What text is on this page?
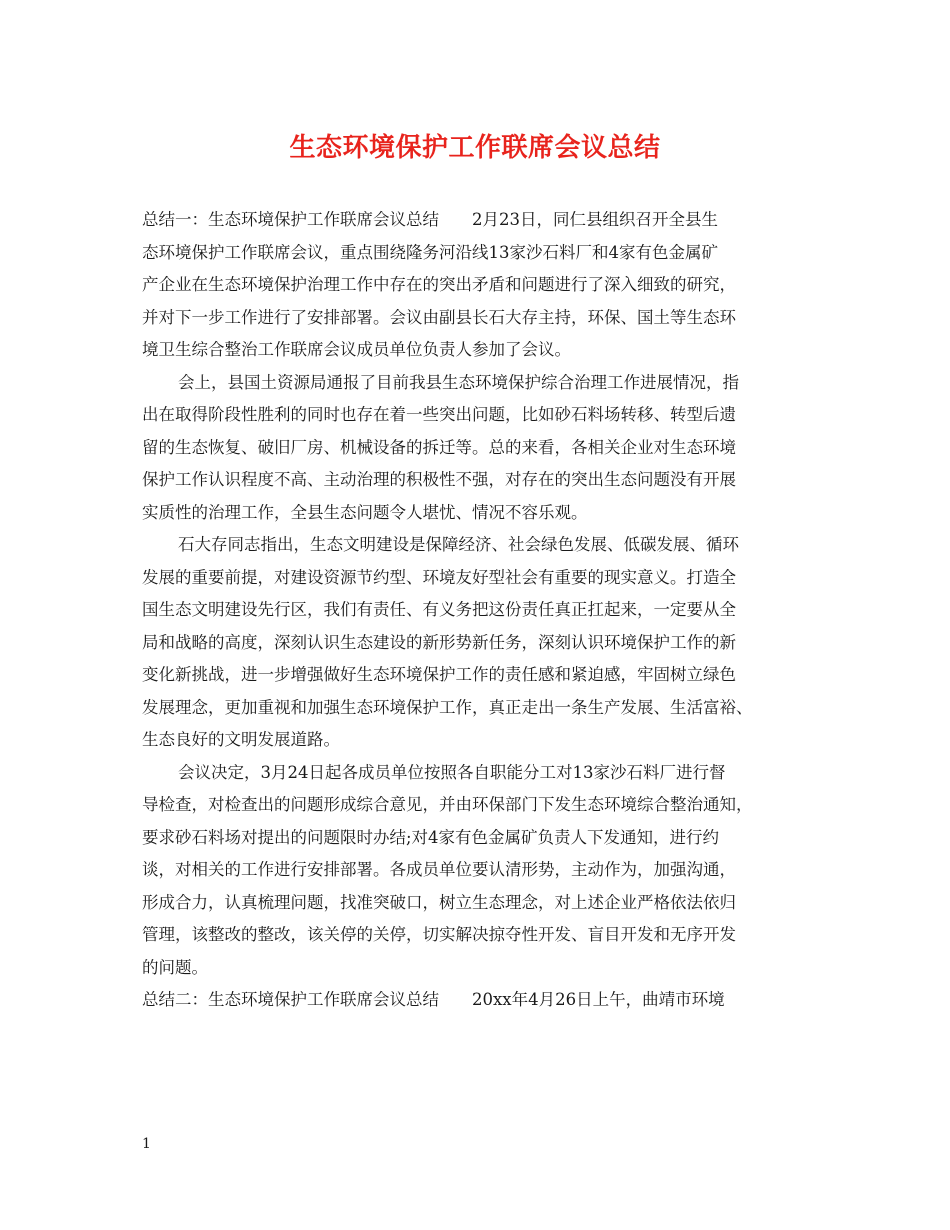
生态环境保护工作联席会议总结
总结一：生态环境保护工作联席会议总结　　2月23日，同仁县组织召开全县生
态环境保护工作联席会议，重点围绕隆务河沿线13家沙石料厂和4家有色金属矿
产企业在生态环境保护治理工作中存在的突出矛盾和问题进行了深入细致的研究，
并对下一步工作进行了安排部署。会议由副县长石大存主持，环保、国土等生态环
境卫生综合整治工作联席会议成员单位负责人参加了会议。
会上，县国土资源局通报了目前我县生态环境保护综合治理工作进展情况，指
出在取得阶段性胜利的同时也存在着一些突出问题，比如砂石料场转移、转型后遗
留的生态恢复、破旧厂房、机械设备的拆迁等。总的来看，各相关企业对生态环境
保护工作认识程度不高、主动治理的积极性不强，对存在的突出生态问题没有开展
实质性的治理工作，全县生态问题令人堪忧、情况不容乐观。
石大存同志指出，生态文明建设是保障经济、社会绿色发展、低碳发展、循环
发展的重要前提，对建设资源节约型、环境友好型社会有重要的现实意义。打造全
国生态文明建设先行区，我们有责任、有义务把这份责任真正扛起来，一定要从全
局和战略的高度，深刻认识生态建设的新形势新任务，深刻认识环境保护工作的新
变化新挑战，进一步增强做好生态环境保护工作的责任感和紧迫感，牢固树立绿色
发展理念，更加重视和加强生态环境保护工作，真正走出一条生产发展、生活富裕、
生态良好的文明发展道路。
会议决定，3月24日起各成员单位按照各自职能分工对13家沙石料厂进行督
导检查，对检查出的问题形成综合意见，并由环保部门下发生态环境综合整治通知，
要求砂石料场对提出的问题限时办结;对4家有色金属矿负责人下发通知，进行约
谈，对相关的工作进行安排部署。各成员单位要认清形势，主动作为，加强沟通，
形成合力，认真梳理问题，找准突破口，树立生态理念，对上述企业严格依法依归
管理，该整改的整改，该关停的关停，切实解决掠夺性开发、盲目开发和无序开发
的问题。
总结二：生态环境保护工作联席会议总结　　20xx年4月26日上午，曲靖市环境
1
